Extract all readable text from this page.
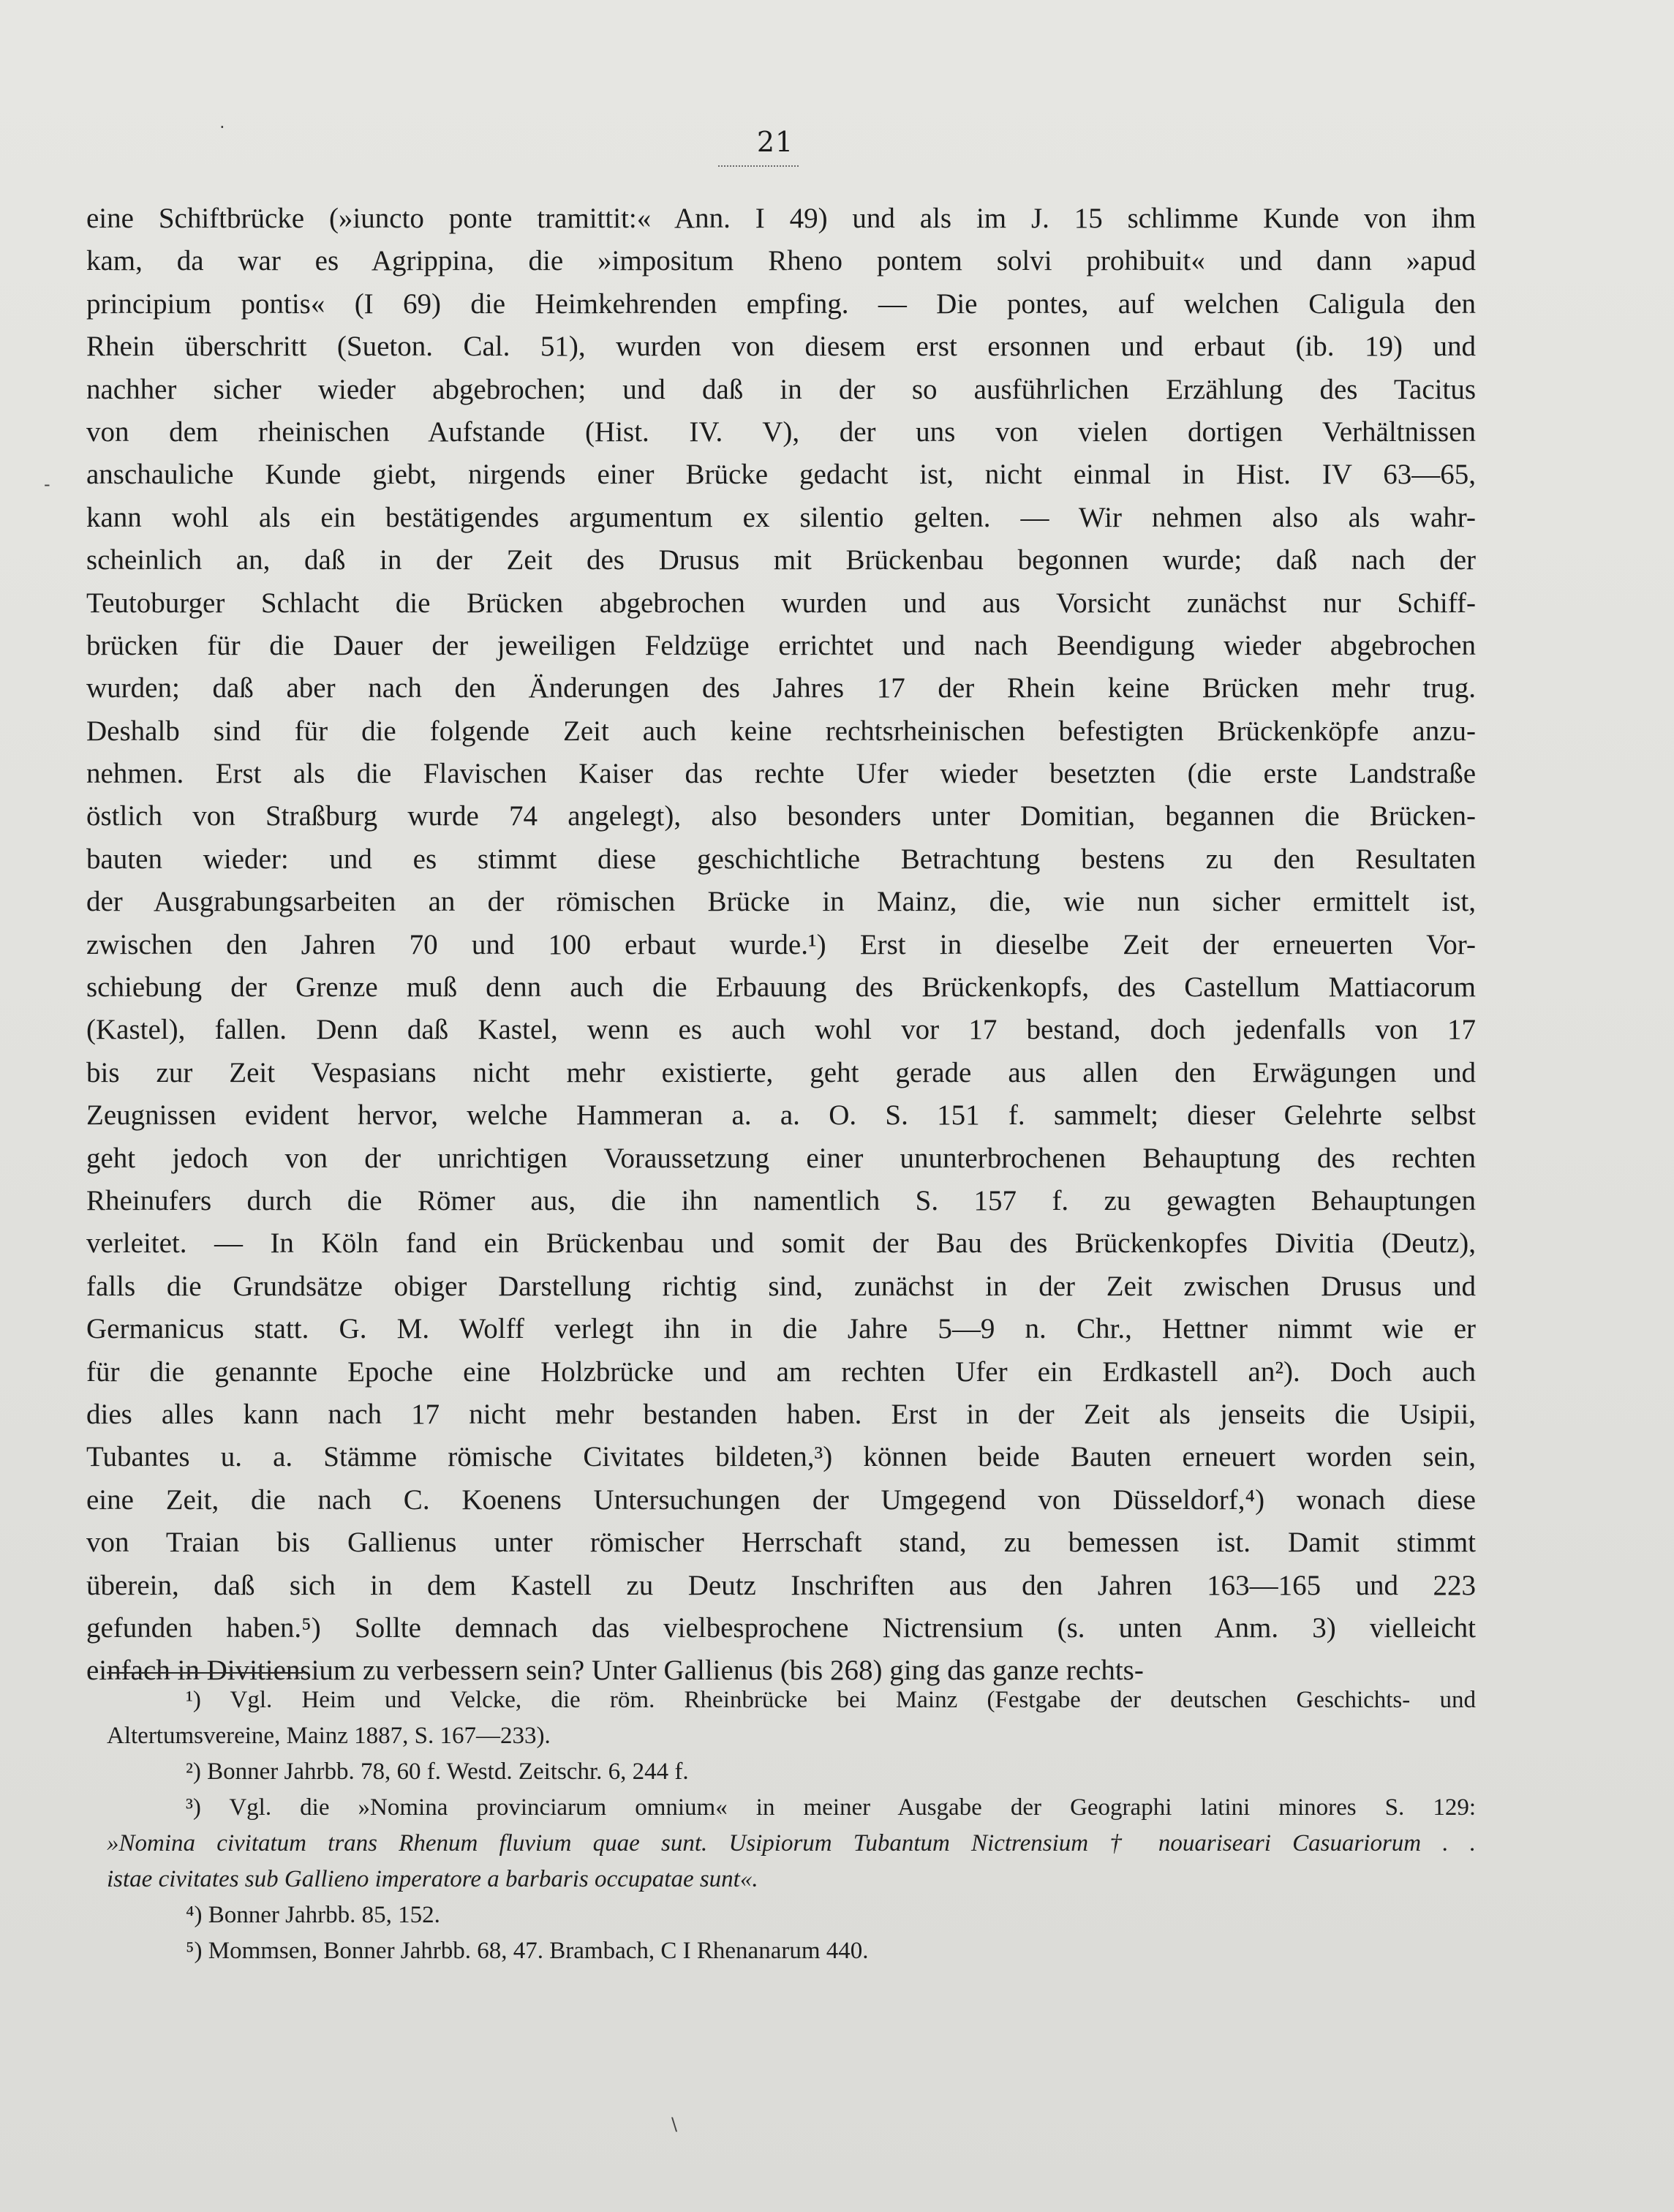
21
eine Schiftbrücke (»iuncto ponte tramittit:« Ann. I 49) und als im J. 15 schlimme Kunde von ihm
kam, da war es Agrippina, die »impositum Rheno pontem solvi prohibuit« und dann »apud
principium pontis« (I 69) die Heimkehrenden empfing. — Die pontes, auf welchen Caligula den
Rhein überschritt (Sueton. Cal. 51), wurden von diesem erst ersonnen und erbaut (ib. 19) und
nachher sicher wieder abgebrochen; und daß in der so ausführlichen Erzählung des Tacitus
von dem rheinischen Aufstande (Hist. IV. V), der uns von vielen dortigen Verhältnissen
anschauliche Kunde giebt, nirgends einer Brücke gedacht ist, nicht einmal in Hist. IV 63—65,
kann wohl als ein bestätigendes argumentum ex silentio gelten. — Wir nehmen also als wahr-
scheinlich an, daß in der Zeit des Drusus mit Brückenbau begonnen wurde; daß nach der
Teutoburger Schlacht die Brücken abgebrochen wurden und aus Vorsicht zunächst nur Schiff-
brücken für die Dauer der jeweiligen Feldzüge errichtet und nach Beendigung wieder abgebrochen
wurden; daß aber nach den Änderungen des Jahres 17 der Rhein keine Brücken mehr trug.
Deshalb sind für die folgende Zeit auch keine rechtsrheinischen befestigten Brückenköpfe anzu-
nehmen. Erst als die Flavischen Kaiser das rechte Ufer wieder besetzten (die erste Landstraße
östlich von Straßburg wurde 74 angelegt), also besonders unter Domitian, begannen die Brücken-
bauten wieder: und es stimmt diese geschichtliche Betrachtung bestens zu den Resultaten
der Ausgrabungsarbeiten an der römischen Brücke in Mainz, die, wie nun sicher ermittelt ist,
zwischen den Jahren 70 und 100 erbaut wurde.¹) Erst in dieselbe Zeit der erneuerten Vor-
schiebung der Grenze muß denn auch die Erbauung des Brückenkopfs, des Castellum Mattiacorum
(Kastel), fallen. Denn daß Kastel, wenn es auch wohl vor 17 bestand, doch jedenfalls von 17
bis zur Zeit Vespasians nicht mehr existierte, geht gerade aus allen den Erwägungen und
Zeugnissen evident hervor, welche Hammeran a. a. O. S. 151 f. sammelt; dieser Gelehrte selbst
geht jedoch von der unrichtigen Voraussetzung einer ununterbrochenen Behauptung des rechten
Rheinufers durch die Römer aus, die ihn namentlich S. 157 f. zu gewagten Behauptungen
verleitet. — In Köln fand ein Brückenbau und somit der Bau des Brückenkopfes Divitia (Deutz),
falls die Grundsätze obiger Darstellung richtig sind, zunächst in der Zeit zwischen Drusus und
Germanicus statt. G. M. Wolff verlegt ihn in die Jahre 5—9 n. Chr., Hettner nimmt wie er
für die genannte Epoche eine Holzbrücke und am rechten Ufer ein Erdkastell an²). Doch auch
dies alles kann nach 17 nicht mehr bestanden haben. Erst in der Zeit als jenseits die Usipii,
Tubantes u. a. Stämme römische Civitates bildeten,³) können beide Bauten erneuert worden sein,
eine Zeit, die nach C. Koenens Untersuchungen der Umgegend von Düsseldorf,⁴) wonach diese
von Traian bis Gallienus unter römischer Herrschaft stand, zu bemessen ist. Damit stimmt
überein, daß sich in dem Kastell zu Deutz Inschriften aus den Jahren 163—165 und 223
gefunden haben.⁵) Sollte demnach das vielbesprochene Nictrensium (s. unten Anm. 3) vielleicht
einfach in Divitiensium zu verbessern sein? Unter Gallienus (bis 268) ging das ganze rechts-
¹) Vgl. Heim und Velcke, die röm. Rheinbrücke bei Mainz (Festgabe der deutschen Geschichts- und
Altertumsvereine, Mainz 1887, S. 167—233).
²) Bonner Jahrbb. 78, 60 f. Westd. Zeitschr. 6, 244 f.
³) Vgl. die »Nomina provinciarum omnium« in meiner Ausgabe der Geographi latini minores S. 129:
»Nomina civitatum trans Rhenum fluvium quae sunt. Usipiorum Tubantum Nictrensium † nouariseari Casuariorum . .
istae civitates sub Gallieno imperatore a barbaris occupatae sunt«.
⁴) Bonner Jahrbb. 85, 152.
⁵) Mommsen, Bonner Jahrbb. 68, 47. Brambach, C I Rhenanarum 440.
·
-
\
